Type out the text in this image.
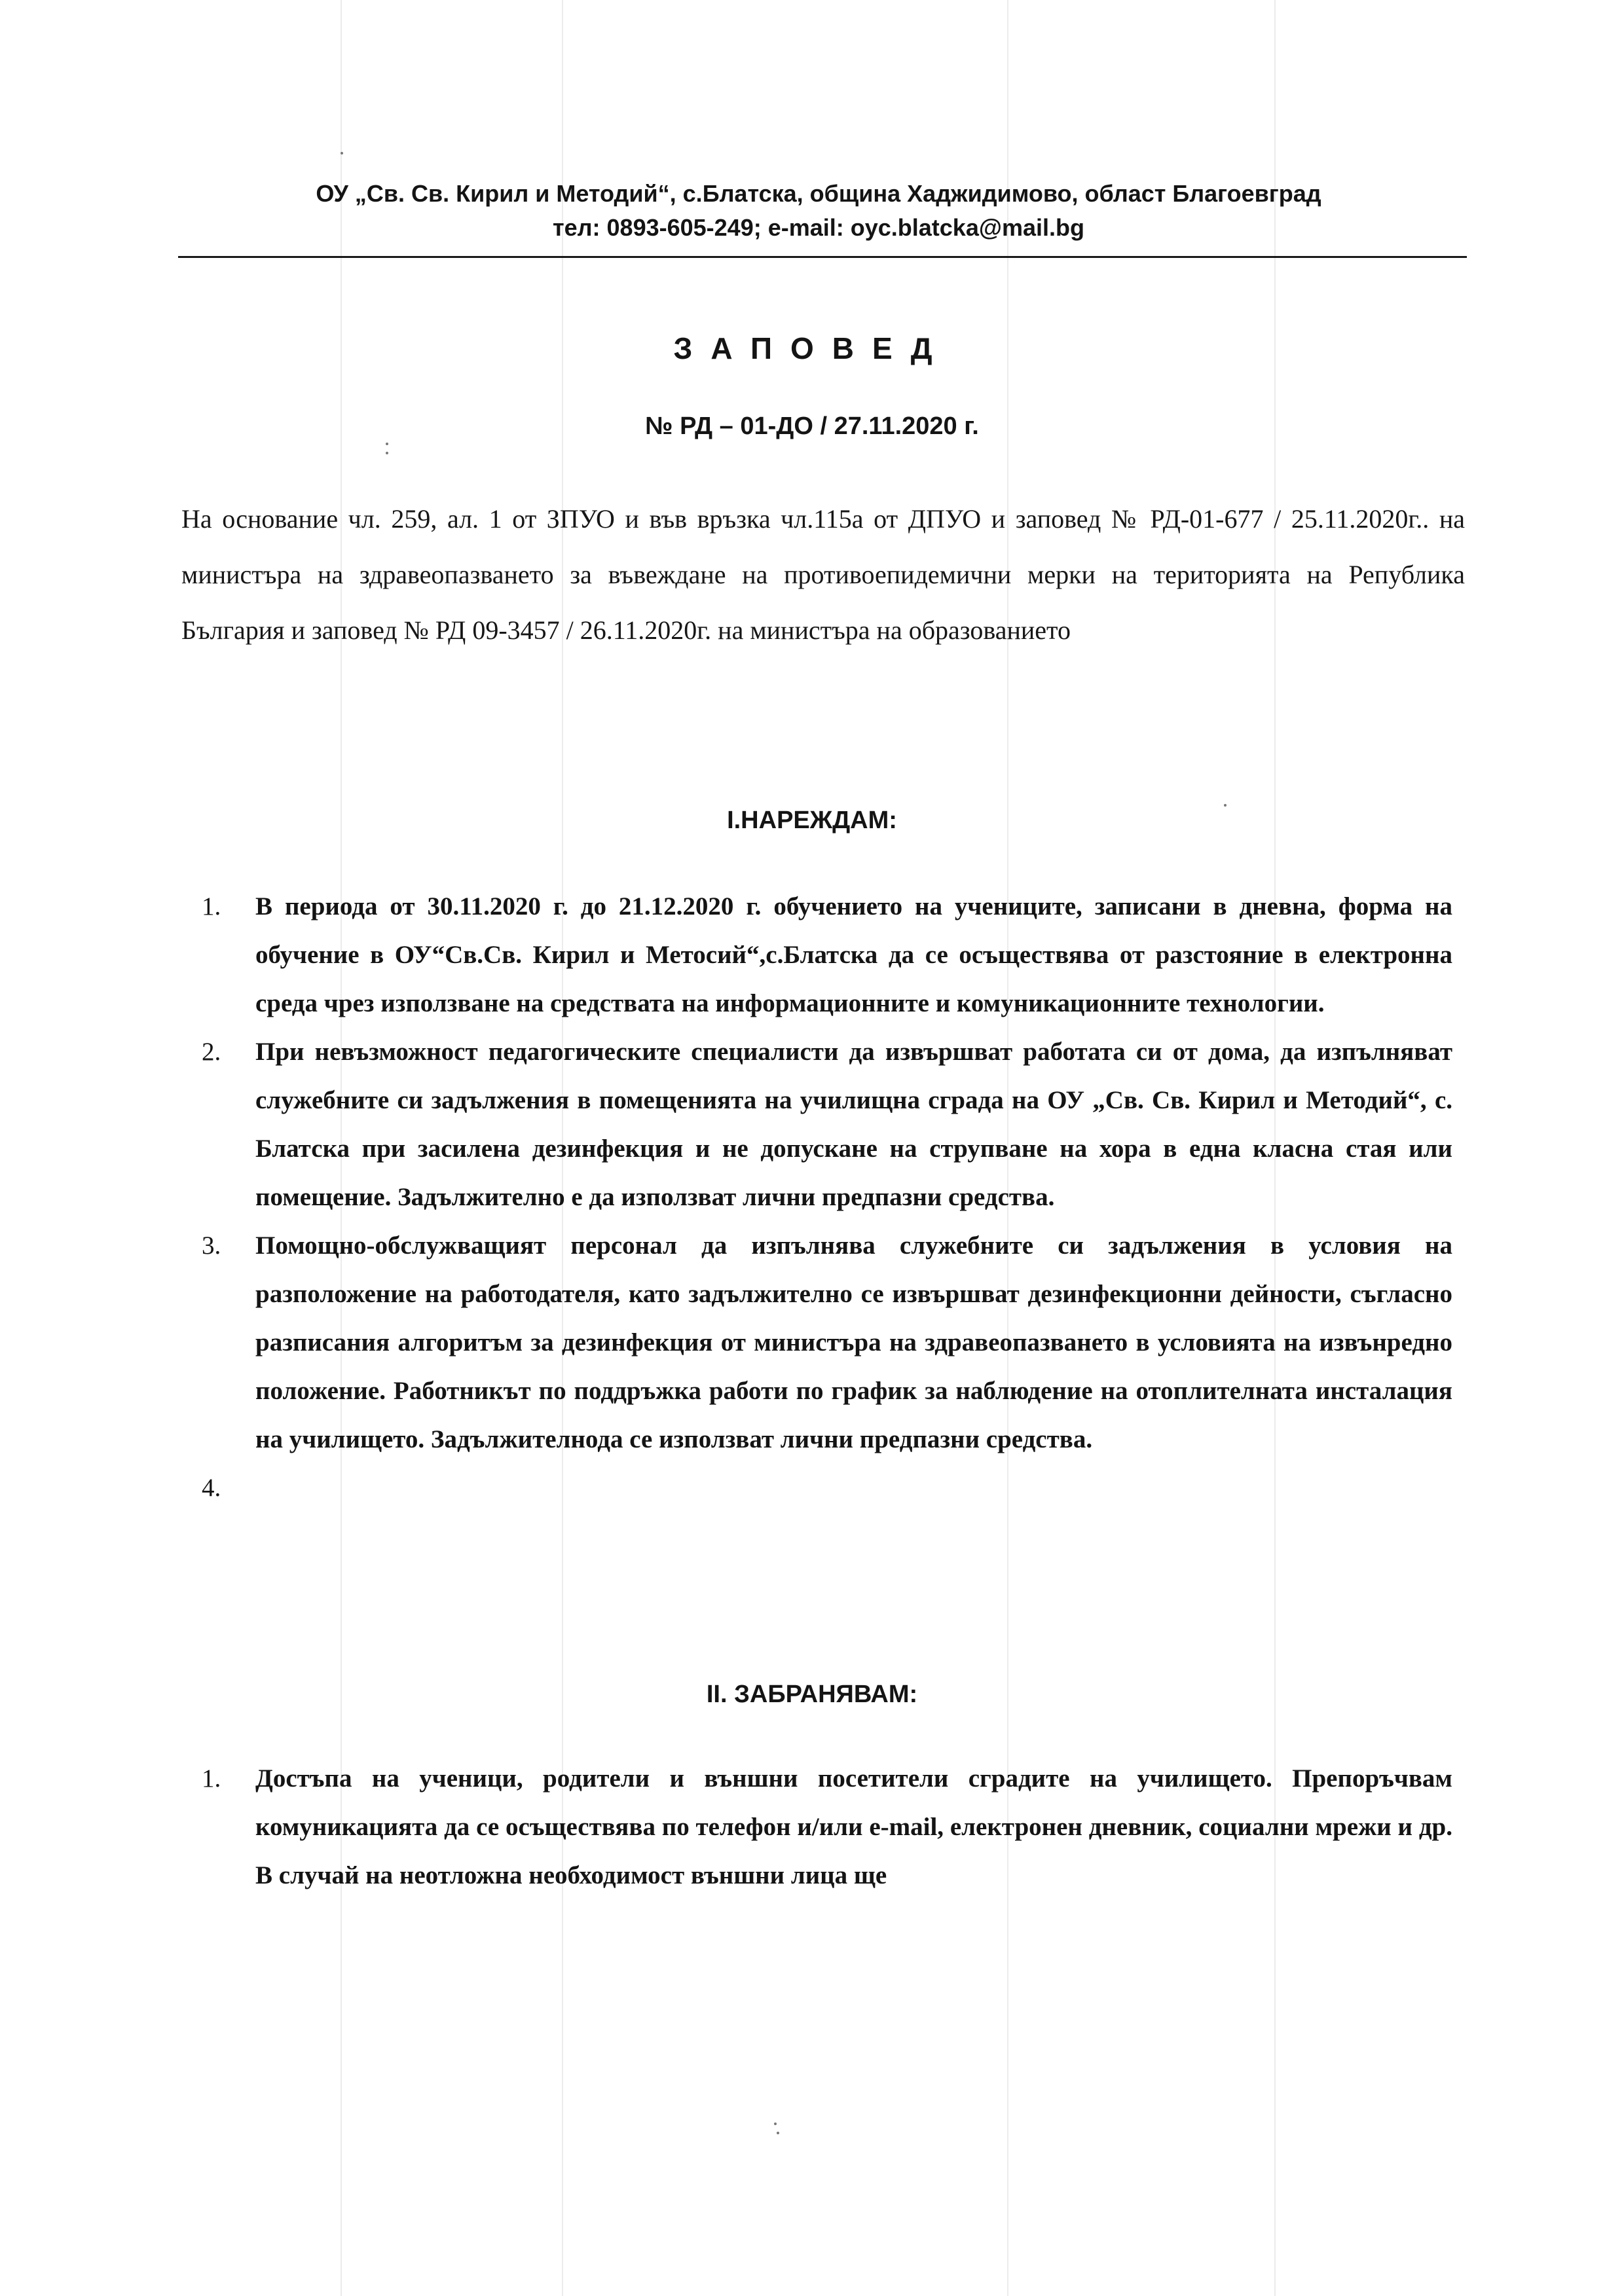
ОУ „Св. Св. Кирил и Методий“, с.Блатска, община Хаджидимово, област Благоевград
тел: 0893-605-249; e-mail: oyc.blatcka@mail.bg
ЗАПОВЕД
№ РД – 01-ДО / 27.11.2020 г.
На основание чл. 259, ал. 1 от ЗПУО и във връзка чл.115а от ДПУО и заповед № РД-01-677 / 25.11.2020г.. на министъра на здравеопазването за въвеждане на противоепидемични мерки на територията на Република България и заповед № РД 09-3457 / 26.11.2020г. на министъра на образованието
I.НАРЕЖДАМ:
1. В периода от 30.11.2020 г. до 21.12.2020 г. обучението на учениците, записани в дневна, форма на обучение в ОУ“Св.Св. Кирил и Метосий“,с.Блатска да се осъществява от разстояние в електронна среда чрез използване на средствата на информационните и комуникационните технологии.
2. При невъзможност педагогическите специалисти да извършват работата си от дома, да изпълняват служебните си задължения в помещенията на училищна сграда на ОУ „Св. Св. Кирил и Методий“, с. Блатска при засилена дезинфекция и не допускане на струпване на хора в една класна стая или помещение. Задължително е да използват лични предпазни средства.
3. Помощно-обслужващият персонал да изпълнява служебните си задължения в условия на разположение на работодателя, като задължително се извършват дезинфекционни дейности, съгласно разписания алгоритъм за дезинфекция от министъра на здравеопазването в условията на извънредно положение. Работникът по поддръжка работи по график за наблюдение на отоплителната инсталация на училището. Задължителнода се използват лични предпазни средства.
4.
II. ЗАБРАНЯВАМ:
1. Достъпа на ученици, родители и външни посетители сградите на училището. Препоръчвам комуникацията да се осъществява по телефон и/или e-mail, електронен дневник, социални мрежи и др. В случай на неотложна необходимост външни лица ще
